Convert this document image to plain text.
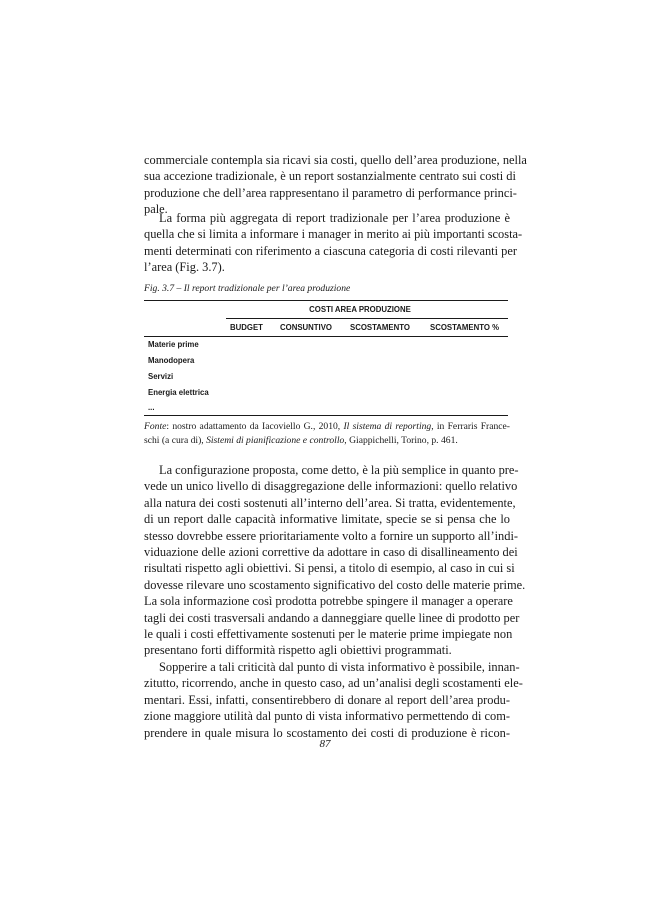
commerciale contempla sia ricavi sia costi, quello dell’area produzione, nella
sua accezione tradizionale, è un report sostanzialmente centrato sui costi di
produzione che dell’area rappresentano il parametro di performance princi-
pale.
La forma più aggregata di report tradizionale per l’area produzione è
quella che si limita a informare i manager in merito ai più importanti scosta-
menti determinati con riferimento a ciascuna categoria di costi rilevanti per
l’area (Fig. 3.7).

Fig. 3.7 – Il report tradizionale per l’area produzione

COSTI AREA PRODUZIONE
BUDGET CONSUNTIVO SCOSTAMENTO	SCOSTAMENTO %
Materie prime
Manodopera
Servizi
Energia elettrica
...
Fonte: nostro adattamento da Iacoviello G., 2010, Il sistema di reporting, in Ferraris France-
schi (a cura di), Sistemi di pianificazione e controllo, Giappichelli, Torino, p. 461.
La configurazione proposta, come detto, è la più semplice in quanto pre-
vede un unico livello di disaggregazione delle informazioni: quello relativo
alla natura dei costi sostenuti all’interno dell’area. Si tratta, evidentemente,
di un report dalle capacità informative limitate, specie se si pensa che lo
stesso dovrebbe essere prioritariamente volto a fornire un supporto all’indi-
viduazione delle azioni correttive da adottare in caso di disallineamento dei
risultati rispetto agli obiettivi. Si pensi, a titolo di esempio, al caso in cui si
dovesse rilevare uno scostamento significativo del costo delle materie prime.
La sola informazione così prodotta potrebbe spingere il manager a operare
tagli dei costi trasversali andando a danneggiare quelle linee di prodotto per
le quali i costi effettivamente sostenuti per le materie prime impiegate non
presentano forti difformità rispetto agli obiettivi programmati.
Sopperire a tali criticità dal punto di vista informativo è possibile, innan-
zitutto, ricorrendo, anche in questo caso, ad un’analisi degli scostamenti ele-
mentari. Essi, infatti, consentirebbero di donare al report dell’area produ-
zione maggiore utilità dal punto di vista informativo permettendo di com-
prendere in quale misura lo scostamento dei costi di produzione è ricon-
87
